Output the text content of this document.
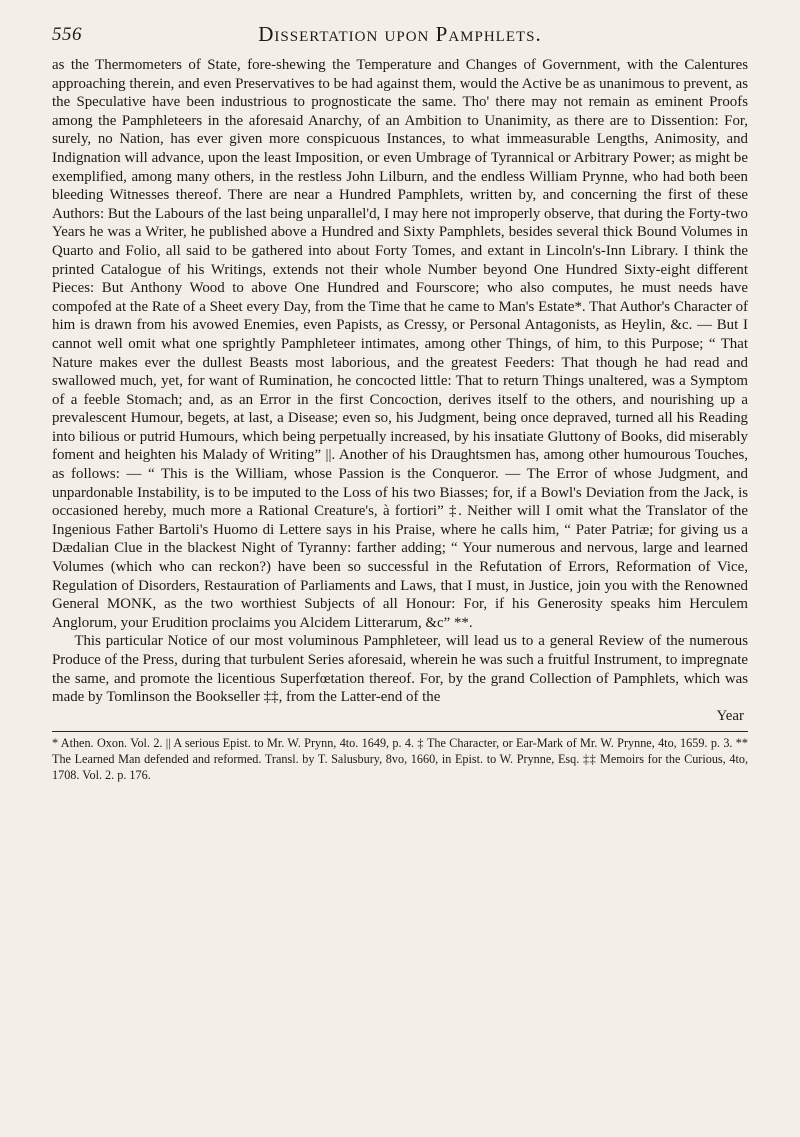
556	Dissertation upon Pamphlets.

as the Thermometers of State, fore-shewing the Temperature and Changes of Government, with the Calentures approaching therein, and even Preservatives to be had against them, would the Active be as unanimous to prevent, as the Speculative have been industrious to prognosticate the same. Tho' there may not remain as eminent Proofs among the Pamphleteers in the aforesaid Anarchy, of an Ambition to Unanimity, as there are to Dissention: For, surely, no Nation, has ever given more conspicuous Instances, to what immeasurable Lengths, Animosity, and Indignation will advance, upon the least Imposition, or even Umbrage of Tyrannical or Arbitrary Power; as might be exemplified, among many others, in the restless John Lilburn, and the endless William Prynne, who had both been bleeding Witnesses thereof. There are near a Hundred Pamphlets, written by, and concerning the first of these Authors: But the Labours of the last being unparallel'd, I may here not improperly observe, that during the Forty-two Years he was a Writer, he published above a Hundred and Sixty Pamphlets, besides several thick Bound Volumes in Quarto and Folio, all said to be gathered into about Forty Tomes, and extant in Lincoln's-Inn Library. I think the printed Catalogue of his Writings, extends not their whole Number beyond One Hundred Sixty-eight different Pieces: But Anthony Wood to above One Hundred and Fourscore; who also computes, he must needs have compofed at the Rate of a Sheet every Day, from the Time that he came to Man's Estate*. That Author's Character of him is drawn from his avowed Enemies, even Papists, as Cressy, or Personal Antagonists, as Heylin, &c. — But I cannot well omit what one sprightly Pamphleteer intimates, among other Things, of him, to this Purpose; “ That Nature makes ever the dullest Beasts most laborious, and the greatest Feeders: That though he had read and swallowed much, yet, for want of Rumination, he concocted little: That to return Things unaltered, was a Symptom of a feeble Stomach; and, as an Error in the first Concoction, derives itself to the others, and nourishing up a prevalescent Humour, begets, at last, a Disease; even so, his Judgment, being once depraved, turned all his Reading into bilious or putrid Humours, which being perpetually increased, by his insatiate Gluttony of Books, did miserably foment and heighten his Malady of Writing” ||. Another of his Draughtsmen has, among other humourous Touches, as follows: — “ This is the William, whose Passion is the Conqueror. — The Error of whose Judgment, and unpardonable Instability, is to be imputed to the Loss of his two Biasses; for, if a Bowl's Deviation from the Jack, is occasioned hereby, much more a Rational Creature's, à fortiori” ‡. Neither will I omit what the Translator of the Ingenious Father Bartoli's Huomo di Lettere says in his Praise, where he calls him, “ Pater Patriæ; for giving us a Dædalian Clue in the blackest Night of Tyranny: farther adding; “ Your numerous and nervous, large and learned Volumes (which who can reckon?) have been so successful in the Refutation of Errors, Reformation of Vice, Regulation of Disorders, Restauration of Parliaments and Laws, that I must, in Justice, join you with the Renowned General MONK, as the two worthiest Subjects of all Honour: For, if his Generosity speaks him Herculem Anglorum, your Erudition proclaims you Alcidem Litterarum, &c” **.

This particular Notice of our most voluminous Pamphleteer, will lead us to a general Review of the numerous Produce of the Press, during that turbulent Series aforesaid, wherein he was such a fruitful Instrument, to impregnate the same, and promote the licentious Superfœtation thereof. For, by the grand Collection of Pamphlets, which was made by Tomlinson the Bookseller ‡‡, from the Latter-end of the

Year
* Athen. Oxon. Vol. 2. || A serious Epist. to Mr. W. Prynn, 4to. 1649, p. 4. ‡ The Character, or Ear-Mark of Mr. W. Prynne, 4to, 1659. p. 3. ** The Learned Man defended and reformed. Transl. by T. Salusbury, 8vo, 1660, in Epist. to W. Prynne, Esq. ‡‡ Memoirs for the Curious, 4to, 1708. Vol. 2. p. 176.
